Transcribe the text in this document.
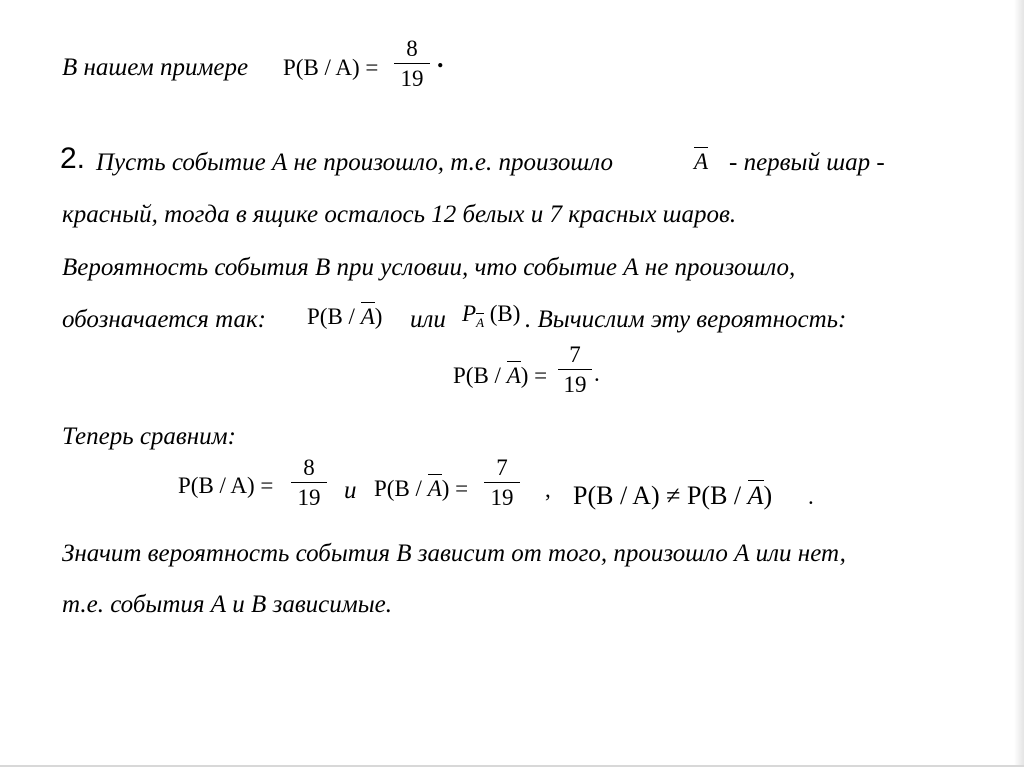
В нашем примере $P(B / A) = \frac{8}{19}$ .
2. Пусть событие А не произошло, т.е. произошло	A - первый шар -
красный, тогда в ящике осталось 12 белых и 7 красных шаров.
Вероятность события В при условии, что событие А не произошло,
обозначается так: P(B / A) или $P_A$ (B) . Вычислим эту вероятность:
$P(B / A) = \frac{7}{19}$ .
Теперь сравним:
$P(B / A) = \frac{8}{19}$ и $P(B / A) = \frac{7}{19}$ , P(B / A) ≠ P(B / A) .
Значит вероятность события В зависит от того, произошло А или нет,
т.е. события А и В зависимые.
